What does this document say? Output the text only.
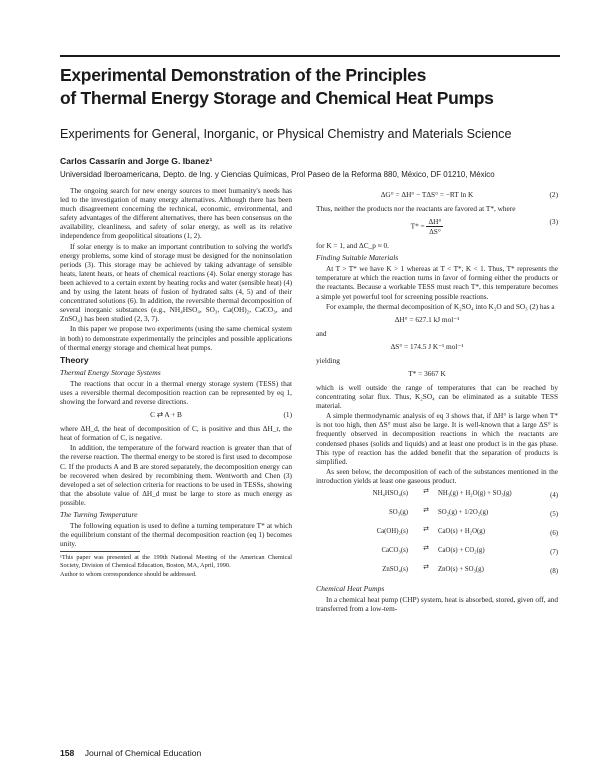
Experimental Demonstration of the Principles
of Thermal Energy Storage and Chemical Heat Pumps

Experiments for General, Inorganic, or Physical Chemistry and Materials Science

Carlos Cassarín and Jorge G. Ibanez¹

Universidad Iberoamericana, Depto. de Ing. y Ciencias Químicas, Prol Paseo de la Reforma 880, México, DF 01210, México

The ongoing search for new energy sources to meet humanity's needs has led to the investigation of many energy alternatives. Although there has been much disagreement concerning the technical, economic, environmental, and safety advantages of the different alternatives, there has been consensus on the availability, cleanliness, and safety of solar energy, as well as its relative independence from geopolitical situations (1, 2).

If solar energy is to make an important contribution to solving the world's energy problems, some kind of storage must be designed for the noninsolation periods (3). This storage may be achieved by taking advantage of sensible heats, latent heats, or heats of chemical reactions (4). Solar energy storage has been achieved to a certain extent by heating rocks and water (sensible heat) (4) and by using the latent heats of fusion of hydrated salts (4, 5) and of their concentrated solutions (6). In addition, the reversible thermal decomposition of several inorganic substances (e.g., NH₄HSO₄, SO₃, Ca(OH)₂, CaCO₃, and ZnSO₄) has been studied (2, 3, 7).

In this paper we propose two experiments (using the same chemical system in both) to demonstrate experimentally the principles and possible applications of thermal energy storage and chemical heat pumps.

Theory
Thermal Energy Storage Systems

The reactions that occur in a thermal energy storage system (TESS) that uses a reversible thermal decomposition reaction can be represented by eq 1, showing the forward and reverse directions.

C ⇄ A + B	(1)

where ΔH_d, the heat of decomposition of C, is positive and thus ΔH_r, the heat of formation of C, is negative.

In addition, the temperature of the forward reaction is greater than that of the reverse reaction. The thermal energy to be stored is first used to decompose C. If the products A and B are stored separately, the decomposition energy can be recovered when desired by recombining them. Wentworth and Chen (3) developed a set of selection criteria for reactions to be used in TESSs, showing that the absolute value of ΔH_d must be large to store as much energy as possible.

The Turning Temperature

The following equation is used to define a turning temperature T* at which the equilibrium constant of the thermal decomposition reaction (eq 1) becomes unity.

¹This paper was presented at the 199th National Meeting of the American Chemical Society, Division of Chemical Education, Boston, MA, April, 1990.

Author to whom correspondence should be addressed.

ΔG° = ΔH° − TΔS° = −RT ln K	(2)

Thus, neither the products nor the reactants are favored at T*, where

$T* = \frac{\Delta H^\circ}{\Delta S^\circ}$	(3)

for K = 1, and ΔC_p ≈ 0.

Finding Suitable Materials

At T > T* we have K > 1 whereas at T < T*, K < 1. Thus, T* represents the temperature at which the reaction turns in favor of forming either the products or the reactants. Because a workable TESS must reach T*, this temperature becomes a simple yet powerful tool for screening possible reactions.

For example, the thermal decomposition of K₂SO₄ into K₂O and SO₃ (2) has a

ΔH° = 627.1 kJ mol⁻¹

and

ΔS° = 174.5 J K⁻¹ mol⁻¹

yielding

T* = 3667 K

which is well outside the range of temperatures that can be reached by concentrating solar flux. Thus, K₂SO₄ can be eliminated as a suitable TESS material.

A simple thermodynamic analysis of eq 3 shows that, if ΔH° is large when T* is not too high, then ΔS° must also be large. It is well-known that a large ΔS° is frequently observed in decomposition reactions in which the reactants are condensed phases (solids and liquids) and at least one product is in the gas phase. This type of reaction has the added benefit that the separation of products is simplified.

As seen below, the decomposition of each of the substances mentioned in the introduction yields at least one gaseous product.

NH₄HSO₄(s)	⇄	NH₃(g) + H₂O(g) + SO₃(g)	(4)
SO₃(g)	⇄	SO₂(g) + 1/2O₂(g)	(5)
Ca(OH)₂(s)	⇄	CaO(s) + H₂O(g)	(6)
CaCO₃(s)	⇄	CaO(s) + CO₂(g)	(7)
ZnSO₄(s)	⇄	ZnO(s) + SO₃(g)	(8)
Chemical Heat Pumps

In a chemical heat pump (CHP) system, heat is absorbed, stored, given off, and transferred from a low-tem-

158 Journal of Chemical Education
